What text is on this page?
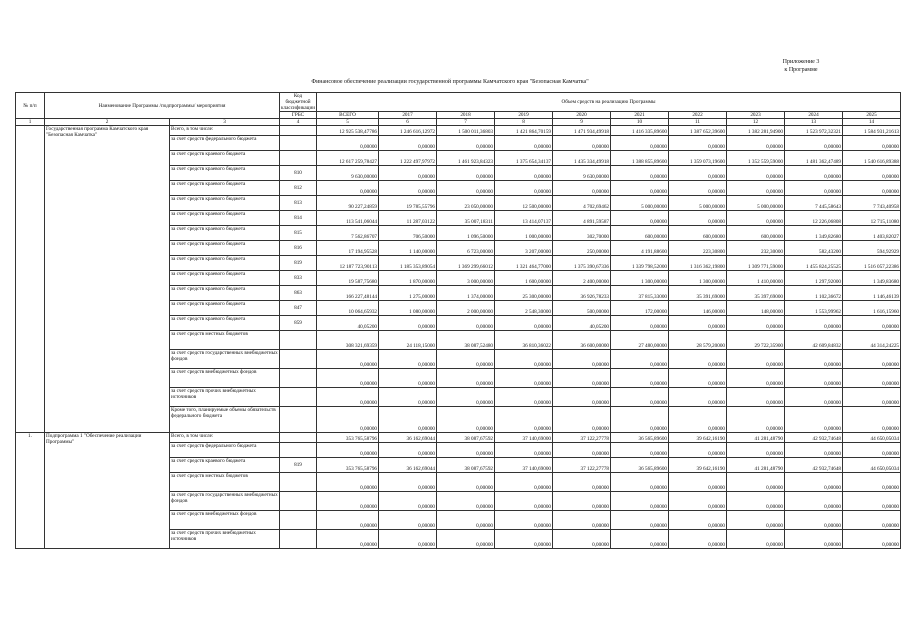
Приложение 3
к Программе
Финансовое обеспечение реализации государственной программы Камчатского края "Безопасная Камчатка"
№ п/п	Наименование Программы /подпрограммы/ мероприятия		Код бюджетной классификации	Объем средств на реализацию Программы									
			ГРБС	ВСЕГО	2017	2018	2019	2020	2021	2022	2023	2024	2025
1	2	3	4	5	6	7	8	9	10	11	12	13	14
	Государственная программа Камчатского края "Безопасная Камчатка"	Всего, в том числе:		12 925 538,47786	1 246 616,12972	1 500 011,36803	1 421 864,70159	1 471 934,49918	1 416 335,89600	1 387 652,39600	1 382 281,94900	1 523 972,32321	1 584 931,21613
		за счет средств федерального бюджета		0,00000	0,00000	0,00000	0,00000	0,00000	0,00000	0,00000	0,00000	0,00000	0,00000
		за счет средств краевого бюджета		12 617 259,78427	1 222 497,97972	1 461 923,84323	1 375 654,34137	1 435 334,49918	1 388 855,89600	1 359 073,19600	1 352 559,59000	1 481 362,47489	1 540 616,89388
		за счет средств краевого бюджета	810	9 630,00000	0,00000	0,00000	0,00000	9 630,00000	0,00000	0,00000	0,00000	0,00000	0,00000
		за счет средств краевого бюджета	812	0,00000	0,00000	0,00000	0,00000	0,00000	0,00000	0,00000	0,00000	0,00000	0,00000
		за счет средств краевого бюджета	813	90 227,24859	19 785,55796	23 050,00000	12 500,00000	4 702,69462	5 000,00000	5 000,00000	5 000,00000	7 445,58643	7 743,40958
		за счет средств краевого бюджета	814	113 541,06044	11 287,03122	35 007,18311	13 414,07137	4 891,59587	0,00000	0,00000	0,00000	12 226,06808	12 715,11080
		за счет средств краевого бюджета	815	7 562,86707	706,50000	1 096,50000	1 000,00000	302,70000	600,00000	600,00000	600,00000	1 349,82680	1 403,82027
		за счет средств краевого бюджета	816	17 194,95528	1 140,00000	6 723,00000	3 207,00000	250,00000	4 191,88600	223,30800	232,30000	582,43200	594,92929
		за счет средств краевого бюджета	819	12 187 723,90113	1 185 353,89054	1 369 299,66012	1 321 464,77000	1 375 390,67336	1 339 798,52000	1 316 362,19800	1 309 771,59000	1 455 824,25525	1 516 057,22386
		за счет средств краевого бюджета	833	19 587,75680	1 870,00000	3 000,00000	1 600,00000	2 400,00000	1 300,00000	1 300,00000	1 410,00000	1 297,92000	1 349,83680
		за счет средств краевого бюджета	863	166 227,48144	1 275,00000	1 374,00000	25 300,00000	36 926,78233	37 815,33000	35 391,69000	35 397,69000	1 102,36672	1 146,46139
		за счет средств краевого бюджета	847	10 064,65932	1 080,00000	2 000,00000	2 548,30000	500,00000	172,00000	146,00000	148,00000	1 553,99962	1 616,15960
		за счет средств краевого бюджета	859	40,05200	0,00000	0,00000	0,00000	40,05200	0,00000	0,00000	0,00000	0,00000	0,00000
		за счет средств местных бюджетов		308 321,69359	24 118,15000	38 087,52480	36 810,36022	36 600,00000	27 480,00000	28 579,20000	29 722,35900	42 609,84832	44 314,24225
		за счет средств государственных внебюджетных фондов		0,00000	0,00000	0,00000	0,00000	0,00000	0,00000	0,00000	0,00000	0,00000	0,00000
		за счет средств внебюджетных фондов		0,00000	0,00000	0,00000	0,00000	0,00000	0,00000	0,00000	0,00000	0,00000	0,00000
		за счет средств прочих внебюджетных источников		0,00000	0,00000	0,00000	0,00000	0,00000	0,00000	0,00000	0,00000	0,00000	0,00000
		Кроме того, планируемые объемы обязательств федерального бюджета		0,00000	0,00000	0,00000	0,00000	0,00000	0,00000	0,00000	0,00000	0,00000	0,00000
1.	Подпрограмма 1 "Обеспечение реализации Программы"	Всего, в том числе:		353 765,58796	36 162,69044	38 087,67592	37 140,69000	37 122,27778	36 565,89600	39 642,16190	41 281,48790	42 932,74648	44 650,05034
		за счет средств федерального бюджета		0,00000	0,00000	0,00000	0,00000	0,00000	0,00000	0,00000	0,00000	0,00000	0,00000
		за счет средств краевого бюджета	819	353 765,58796	36 162,69044	38 087,67592	37 140,69000	37 122,27778	36 565,89600	39 642,16190	41 281,48790	42 932,74648	44 650,05034
		за счет средств местных бюджетов		0,00000	0,00000	0,00000	0,00000	0,00000	0,00000	0,00000	0,00000	0,00000	0,00000
		за счет средств государственных внебюджетных фондов		0,00000	0,00000	0,00000	0,00000	0,00000	0,00000	0,00000	0,00000	0,00000	0,00000
		за счет средств внебюджетных фондов		0,00000	0,00000	0,00000	0,00000	0,00000	0,00000	0,00000	0,00000	0,00000	0,00000
		за счет средств прочих внебюджетных источников		0,00000	0,00000	0,00000	0,00000	0,00000	0,00000	0,00000	0,00000	0,00000	0,00000
